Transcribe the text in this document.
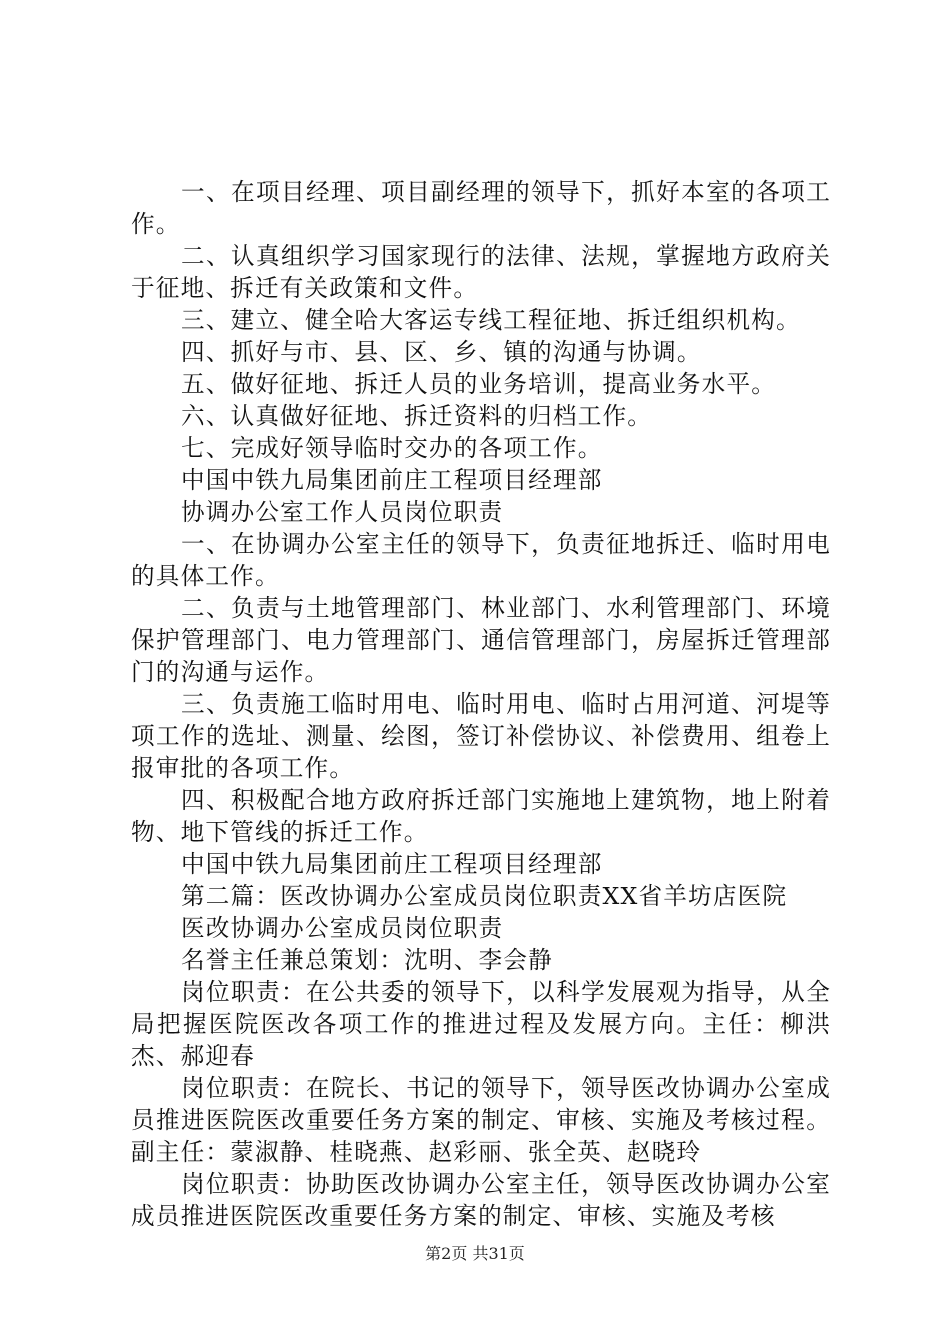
一、在项目经理、项目副经理的领导下，抓好本室的各项工作。

二、认真组织学习国家现行的法律、法规，掌握地方政府关于征地、拆迁有关政策和文件。

三、建立、健全哈大客运专线工程征地、拆迁组织机构。

四、抓好与市、县、区、乡、镇的沟通与协调。

五、做好征地、拆迁人员的业务培训，提高业务水平。

六、认真做好征地、拆迁资料的归档工作。

七、完成好领导临时交办的各项工作。

中国中铁九局集团前庄工程项目经理部

协调办公室工作人员岗位职责

一、在协调办公室主任的领导下，负责征地拆迁、临时用电的具体工作。

二、负责与土地管理部门、林业部门、水利管理部门、环境保护管理部门、电力管理部门、通信管理部门，房屋拆迁管理部门的沟通与运作。

三、负责施工临时用电、临时用电、临时占用河道、河堤等项工作的选址、测量、绘图，签订补偿协议、补偿费用、组卷上报审批的各项工作。

四、积极配合地方政府拆迁部门实施地上建筑物，地上附着物、地下管线的拆迁工作。

中国中铁九局集团前庄工程项目经理部

第二篇：医改协调办公室成员岗位职责XX省羊坊店医院

医改协调办公室成员岗位职责

名誉主任兼总策划：沈明、李会静

岗位职责：在公共委的领导下，以科学发展观为指导，从全局把握医院医改各项工作的推进过程及发展方向。主任：柳洪杰、郝迎春

岗位职责：在院长、书记的领导下，领导医改协调办公室成员推进医院医改重要任务方案的制定、审核、实施及考核过程。副主任：蒙淑静、桂晓燕、赵彩丽、张全英、赵晓玲

岗位职责：协助医改协调办公室主任，领导医改协调办公室成员推进医院医改重要任务方案的制定、审核、实施及考核

第2页 共31页
